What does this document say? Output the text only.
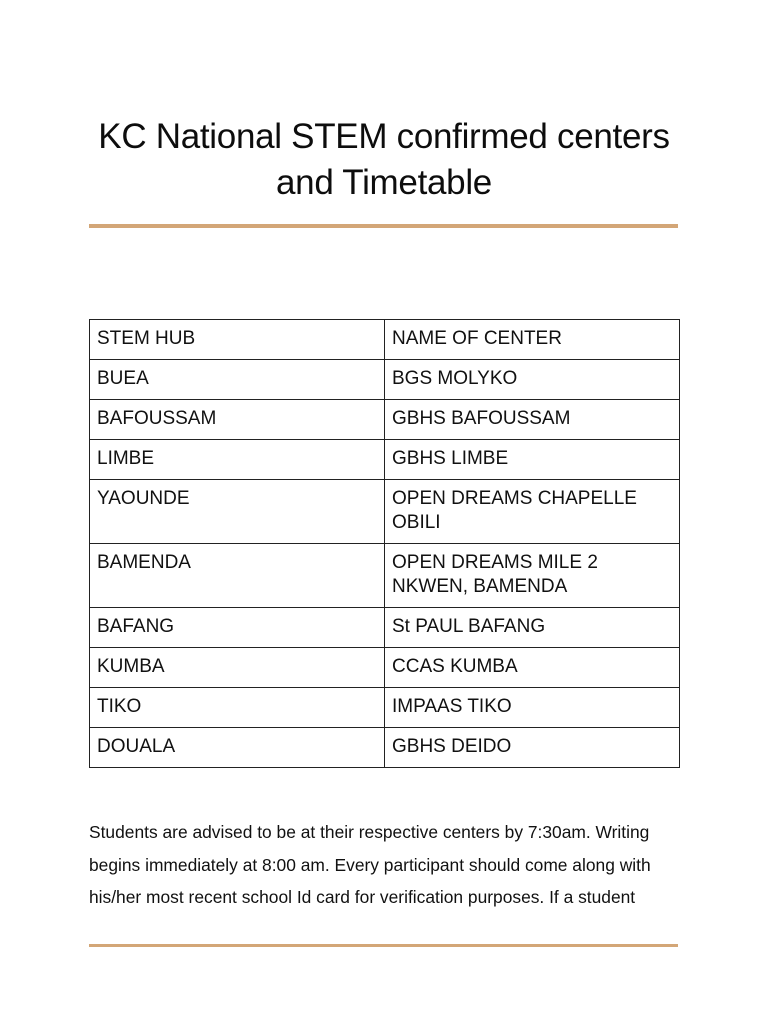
KC National STEM confirmed centers and Timetable
STEM HUB	NAME OF CENTER
BUEA	BGS MOLYKO
BAFOUSSAM	GBHS BAFOUSSAM
LIMBE	GBHS LIMBE
YAOUNDE	OPEN DREAMS CHAPELLE OBILI
BAMENDA	OPEN DREAMS MILE 2 NKWEN, BAMENDA
BAFANG	St PAUL BAFANG
KUMBA	CCAS KUMBA
TIKO	IMPAAS TIKO
DOUALA	GBHS DEIDO

Students are advised to be at their respective centers by 7:30am. Writing begins immediately at 8:00 am. Every participant should come along with his/her most recent school Id card for verification purposes. If a student
